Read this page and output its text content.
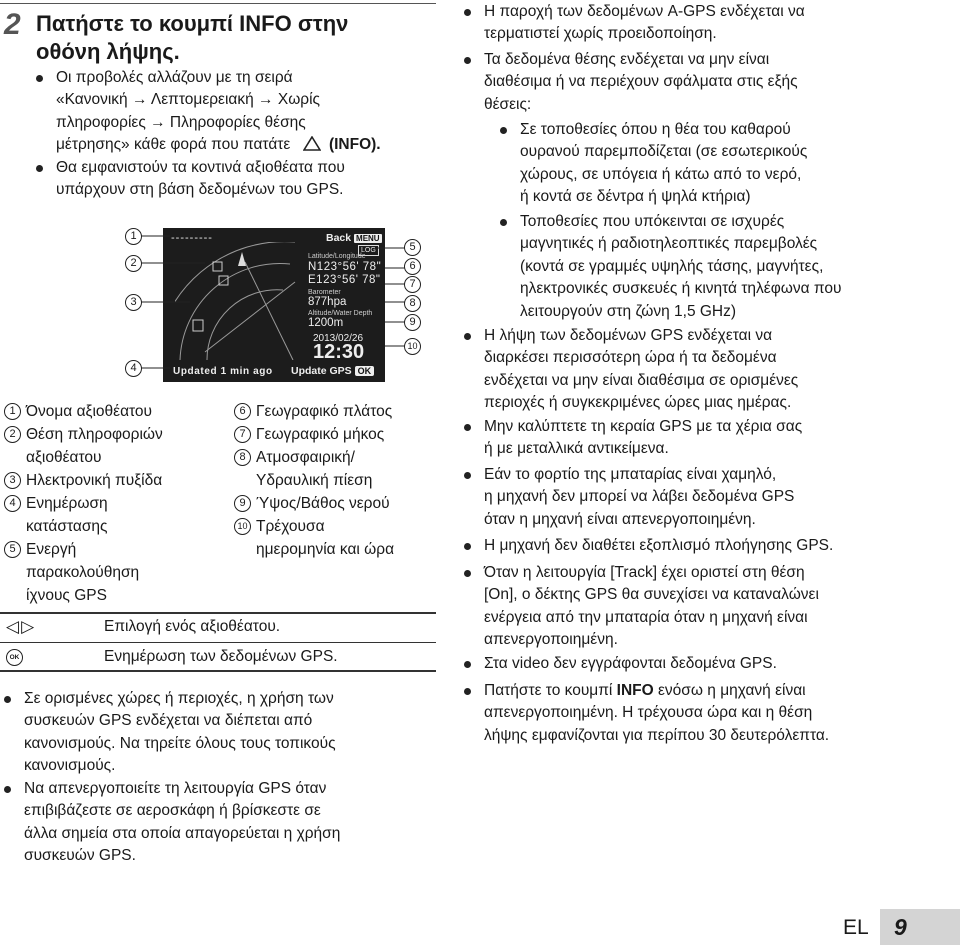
2 Πατήστε το κουμπί INFO στην
οθόνη λήψης.
Οι προβολές αλλάζουν με τη σειρά
«Κανονική → Λεπτομερειακή → Χωρίς
πληροφορίες → Πληροφορίες θέσης
μέτρησης» κάθε φορά που πατάτε (INFO).
Θα εμφανιστούν τα κοντινά αξιοθέατα που
υπάρχουν στη βάση δεδομένων του GPS.
---------	Back MENU
LOG
Latitude/Longitude
N123°56' 78"
E123°56' 78"
Barometer
877hpa
Altitude/Water Depth
1200m
2013/02/26
12:30
Updated 1 min ago Update GPS OK
1
2
3
4
5
6
7
8
9
10
1 Όνομα αξιοθέατου
2 Θέση πληροφοριών
αξιοθέατου
3 Ηλεκτρονική πυξίδα
4 Ενημέρωση
κατάστασης
5 Ενεργή
παρακολούθηση
ίχνους GPS
6 Γεωγραφικό πλάτος
7 Γεωγραφικό μήκος
8 Ατμοσφαιρική/
Υδραυλική πίεση
9 Ύψος/Βάθος νερού
10 Τρέχουσα
ημερομηνία και ώρα
◁▷	Επιλογή ενός αξιοθέατου.
OK	Ενημέρωση των δεδομένων GPS.
Σε ορισμένες χώρες ή περιοχές, η χρήση των
συσκευών GPS ενδέχεται να διέπεται από
κανονισμούς. Να τηρείτε όλους τους τοπικούς
κανονισμούς.
Να απενεργοποιείτε τη λειτουργία GPS όταν
επιβιβάζεστε σε αεροσκάφη ή βρίσκεστε σε
άλλα σημεία στα οποία απαγορεύεται η χρήση
συσκευών GPS.
Η παροχή των δεδομένων A-GPS ενδέχεται να
τερματιστεί χωρίς προειδοποίηση.
Τα δεδομένα θέσης ενδέχεται να μην είναι
διαθέσιμα ή να περιέχουν σφάλματα στις εξής
θέσεις:
Σε τοποθεσίες όπου η θέα του καθαρού
ουρανού παρεμποδίζεται (σε εσωτερικούς
χώρους, σε υπόγεια ή κάτω από το νερό,
ή κοντά σε δέντρα ή ψηλά κτήρια)
Τοποθεσίες που υπόκεινται σε ισχυρές
μαγνητικές ή ραδιοτηλεοπτικές παρεμβολές
(κοντά σε γραμμές υψηλής τάσης, μαγνήτες,
ηλεκτρονικές συσκευές ή κινητά τηλέφωνα που
λειτουργούν στη ζώνη 1,5 GHz)
Η λήψη των δεδομένων GPS ενδέχεται να
διαρκέσει περισσότερη ώρα ή τα δεδομένα
ενδέχεται να μην είναι διαθέσιμα σε ορισμένες
περιοχές ή συγκεκριμένες ώρες μιας ημέρας.
Μην καλύπτετε τη κεραία GPS με τα χέρια σας
ή με μεταλλικά αντικείμενα.
Εάν το φορτίο της μπαταρίας είναι χαμηλό,
η μηχανή δεν μπορεί να λάβει δεδομένα GPS
όταν η μηχανή είναι απενεργοποιημένη.
Η μηχανή δεν διαθέτει εξοπλισμό πλοήγησης GPS.
Όταν η λειτουργία [Track] έχει οριστεί στη θέση
[On], ο δέκτης GPS θα συνεχίσει να καταναλώνει
ενέργεια από την μπαταρία όταν η μηχανή είναι
απενεργοποιημένη.
Στα video δεν εγγράφονται δεδομένα GPS.
Πατήστε το κουμπί INFO ενόσω η μηχανή είναι
απενεργοποιημένη. Η τρέχουσα ώρα και η θέση
λήψης εμφανίζονται για περίπου 30 δευτερόλεπτα.
EL	9
